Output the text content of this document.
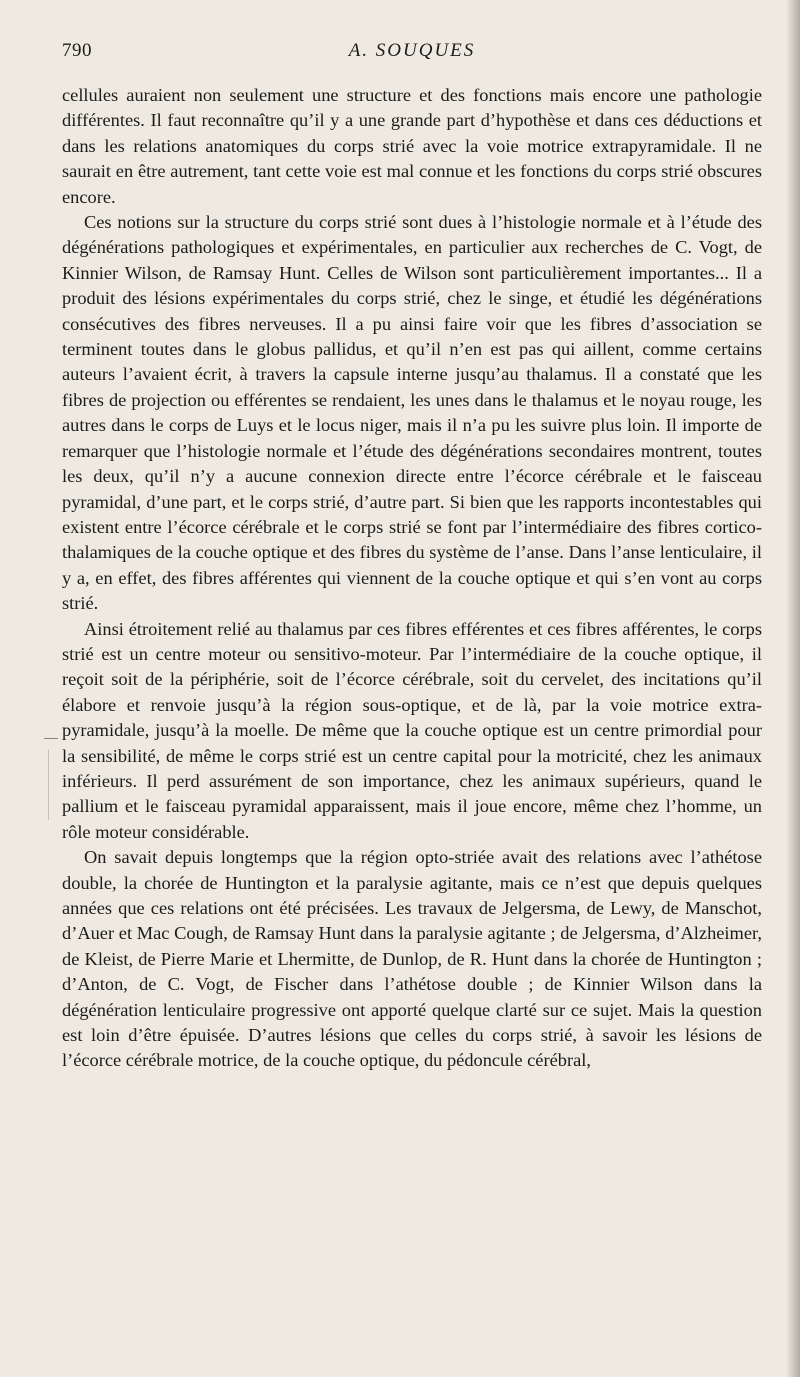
790	A. SOUQUES

cellules auraient non seulement une structure et des fonctions mais encore une pathologie différentes. Il faut reconnaître qu’il y a une grande part d’hypothèse et dans ces déductions et dans les relations anatomiques du corps strié avec la voie motrice extrapyramidale. Il ne saurait en être autrement, tant cette voie est mal connue et les fonctions du corps strié obscures encore.

Ces notions sur la structure du corps strié sont dues à l’histologie normale et à l’étude des dégénérations pathologiques et expérimentales, en particulier aux recherches de C. Vogt, de Kinnier Wilson, de Ramsay Hunt. Celles de Wilson sont particulièrement importantes... Il a produit des lésions expérimentales du corps strié, chez le singe, et étudié les dégénérations consécutives des fibres nerveuses. Il a pu ainsi faire voir que les fibres d’association se terminent toutes dans le globus pallidus, et qu’il n’en est pas qui aillent, comme certains auteurs l’avaient écrit, à travers la capsule interne jusqu’au thalamus. Il a constaté que les fibres de projection ou efférentes se rendaient, les unes dans le thalamus et le noyau rouge, les autres dans le corps de Luys et le locus niger, mais il n’a pu les suivre plus loin. Il importe de remarquer que l’histologie normale et l’étude des dégénérations secondaires montrent, toutes les deux, qu’il n’y a aucune connexion directe entre l’écorce cérébrale et le faisceau pyramidal, d’une part, et le corps strié, d’autre part. Si bien que les rapports incontestables qui existent entre l’écorce cérébrale et le corps strié se font par l’intermédiaire des fibres cortico-thalamiques de la couche optique et des fibres du système de l’anse. Dans l’anse lenticulaire, il y a, en effet, des fibres afférentes qui viennent de la couche optique et qui s’en vont au corps strié.

Ainsi étroitement relié au thalamus par ces fibres efférentes et ces fibres afférentes, le corps strié est un centre moteur ou sensitivo-moteur. Par l’intermédiaire de la couche optique, il reçoit soit de la périphérie, soit de l’écorce cérébrale, soit du cervelet, des incitations qu’il élabore et renvoie jusqu’à la région sous-optique, et de là, par la voie motrice extra-pyramidale, jusqu’à la moelle. De même que la couche optique est un centre primordial pour la sensibilité, de même le corps strié est un centre capital pour la motricité, chez les animaux inférieurs. Il perd assurément de son importance, chez les animaux supérieurs, quand le pallium et le faisceau pyramidal apparaissent, mais il joue encore, même chez l’homme, un rôle moteur considérable.

On savait depuis longtemps que la région opto-striée avait des relations avec l’athétose double, la chorée de Huntington et la paralysie agitante, mais ce n’est que depuis quelques années que ces relations ont été précisées. Les travaux de Jelgersma, de Lewy, de Manschot, d’Auer et Mac Cough, de Ramsay Hunt dans la paralysie agitante ; de Jelgersma, d’Alzheimer, de Kleist, de Pierre Marie et Lhermitte, de Dunlop, de R. Hunt dans la chorée de Huntington ; d’Anton, de C. Vogt, de Fischer dans l’athétose double ; de Kinnier Wilson dans la dégénération lenticulaire progressive ont apporté quelque clarté sur ce sujet. Mais la question est loin d’être épuisée. D’autres lésions que celles du corps strié, à savoir les lésions de l’écorce cérébrale motrice, de la couche optique, du pédoncule cérébral,
